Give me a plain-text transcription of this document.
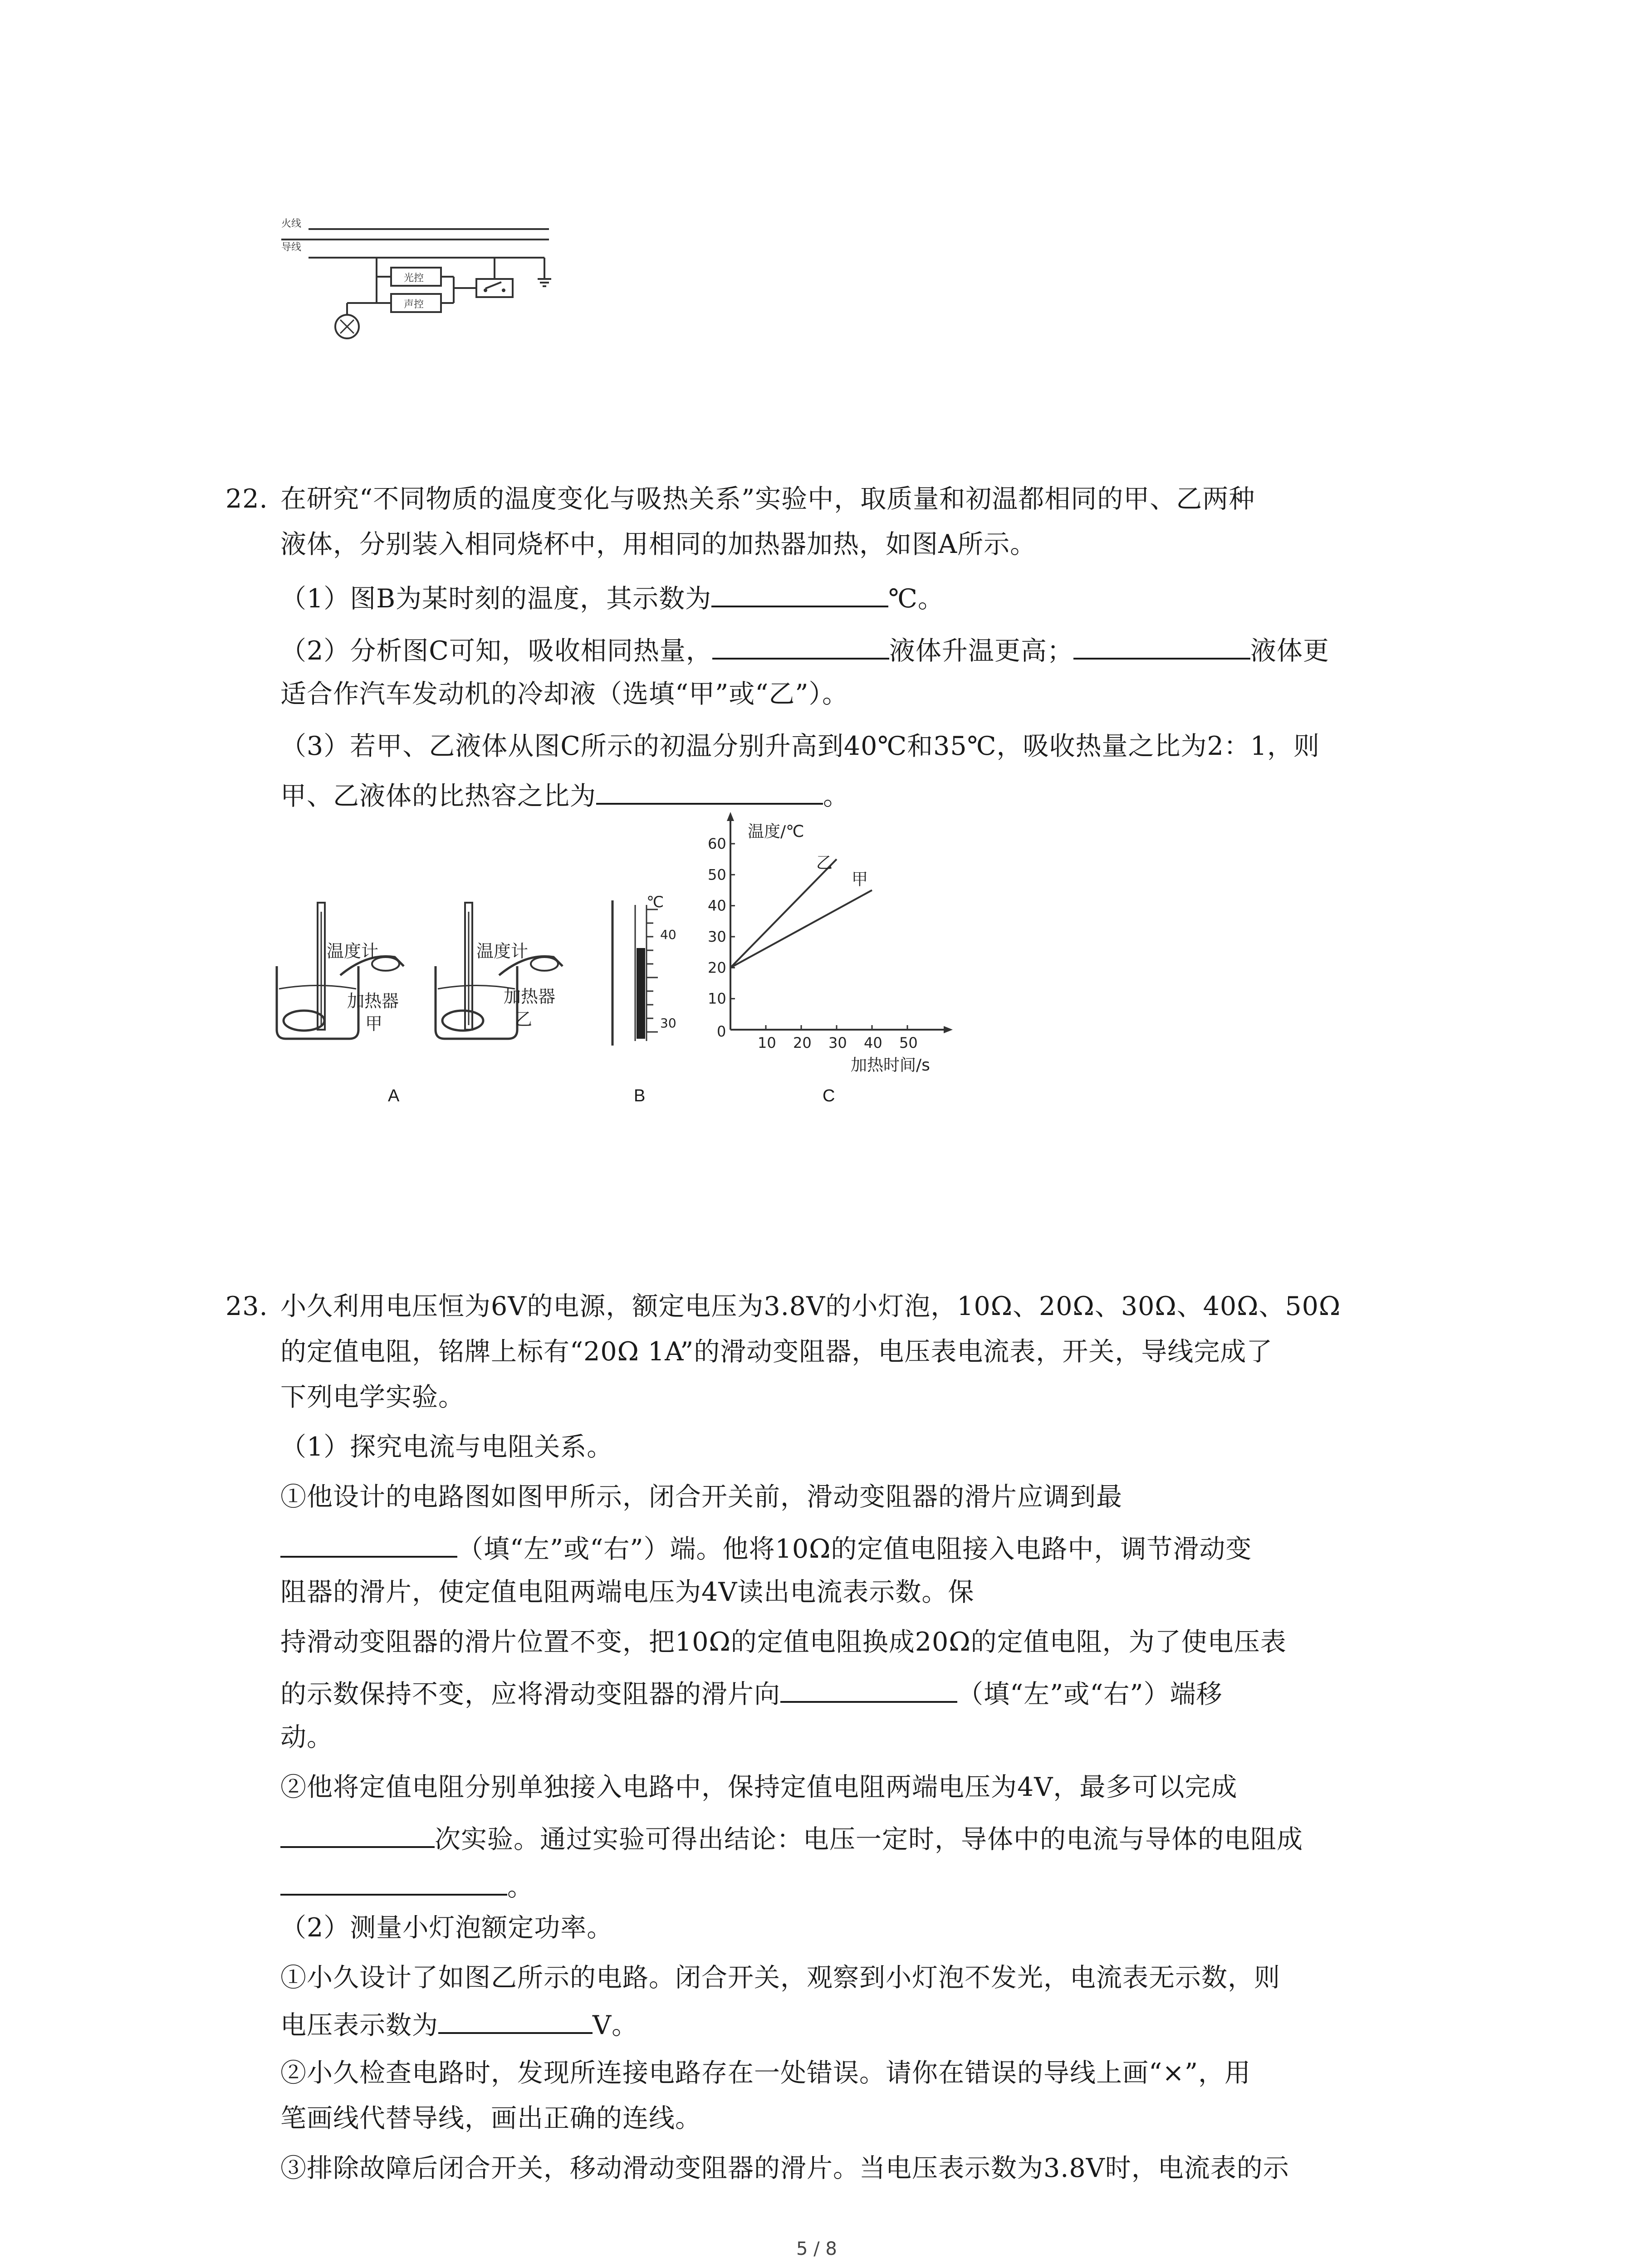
火线
导线
光控
声控
22. 在研究“不同物质的温度变化与吸热关系”实验中，取质量和初温都相同的甲、乙两种
液体，分别装入相同烧杯中，用相同的加热器加热，如图A所示。
（1）图B为某时刻的温度，其示数为	℃。
（2）分析图C可知，吸收相同热量，	液体升温更高；	液体更
适合作汽车发动机的冷却液（选填“甲”或“乙”）。
（3）若甲、乙液体从图C所示的初温分别升高到40℃和35℃，吸收热量之比为2：1，则
甲、乙液体的比热容之比为	。
温度计
加热器
甲
温度计
加热器
乙
A
℃
40
30
B
温度/℃
加热时间/s
0
10 20 30 40 50
10
20
30
40
50
60
乙
甲
C
23. 小久利用电压恒为6V的电源，额定电压为3.8V的小灯泡，10Ω、20Ω、30Ω、40Ω、50Ω
的定值电阻，铭牌上标有“20Ω 1A”的滑动变阻器，电压表电流表，开关，导线完成了
下列电学实验。
（1）探究电流与电阻关系。
①他设计的电路图如图甲所示，闭合开关前，滑动变阻器的滑片应调到最
（填“左”或“右”）端。他将10Ω的定值电阻接入电路中，调节滑动变
阻器的滑片，使定值电阻两端电压为4V读出电流表示数。保
持滑动变阻器的滑片位置不变，把10Ω的定值电阻换成20Ω的定值电阻，为了使电压表
的示数保持不变，应将滑动变阻器的滑片向	（填“左”或“右”）端移
动。
②他将定值电阻分别单独接入电路中，保持定值电阻两端电压为4V，最多可以完成
次实验。通过实验可得出结论：电压一定时，导体中的电流与导体的电阻成
。
（2）测量小灯泡额定功率。
①小久设计了如图乙所示的电路。闭合开关，观察到小灯泡不发光，电流表无示数，则
电压表示数为	V。
②小久检查电路时，发现所连接电路存在一处错误。请你在错误的导线上画“×”，用
笔画线代替导线，画出正确的连线。
③排除故障后闭合开关，移动滑动变阻器的滑片。当电压表示数为3.8V时，电流表的示
5 / 8
